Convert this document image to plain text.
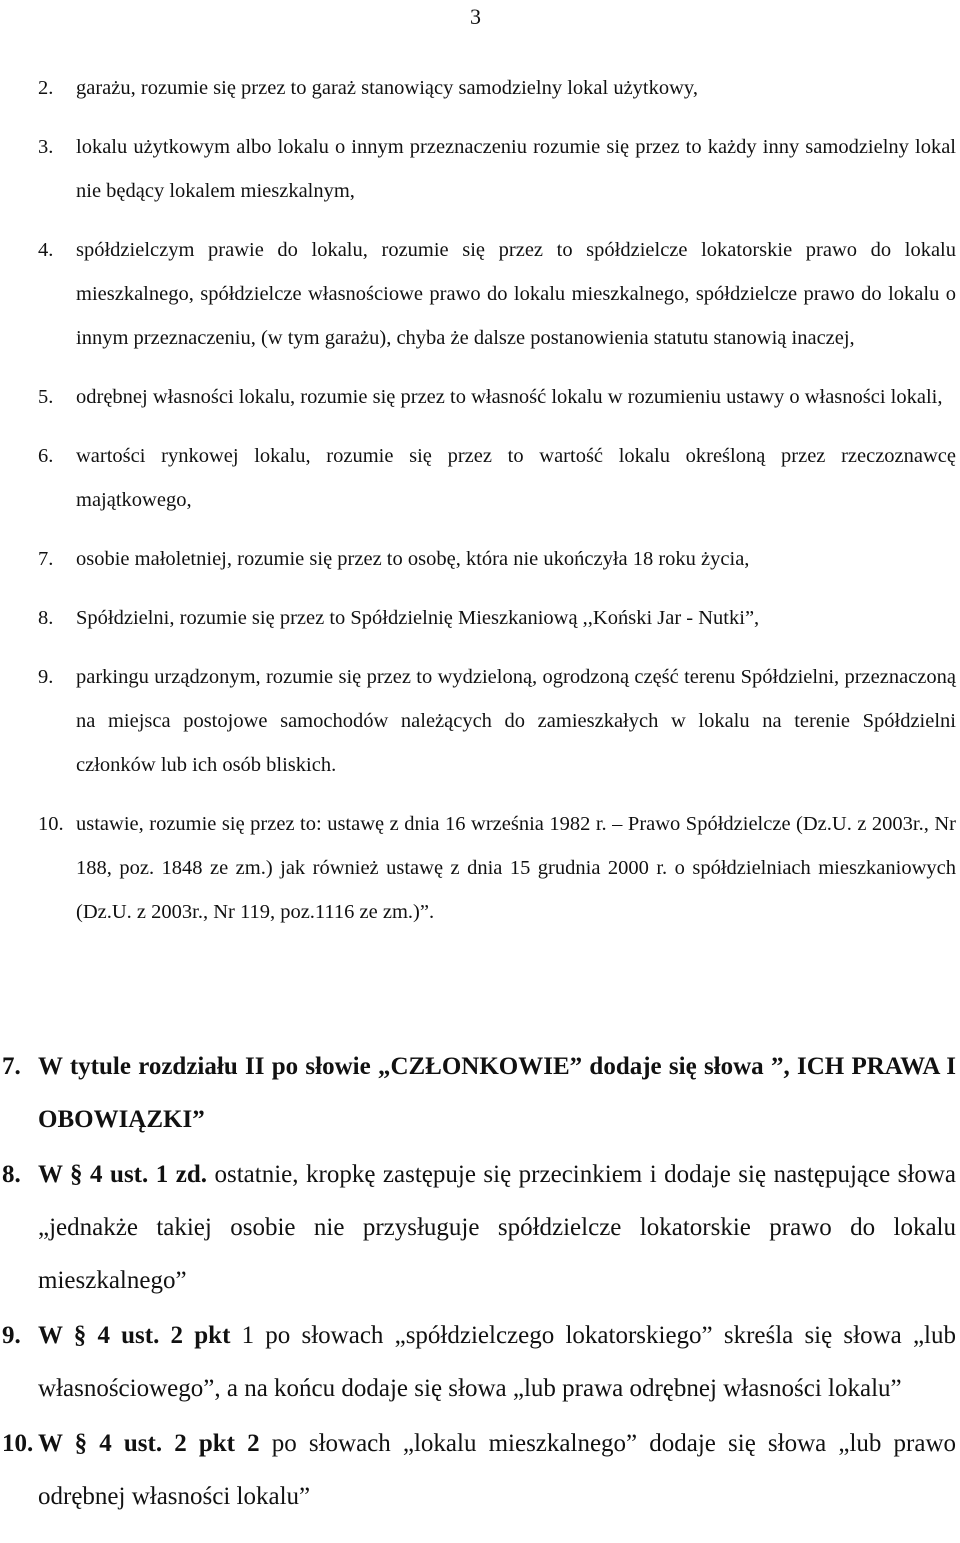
3
2.	garażu, rozumie się przez to garaż stanowiący samodzielny lokal użytkowy,
3.	lokalu użytkowym albo lokalu o innym przeznaczeniu rozumie się przez to każdy inny samodzielny lokal nie będący lokalem mieszkalnym,
4.	spółdzielczym prawie do lokalu, rozumie się przez to spółdzielcze lokatorskie prawo do lokalu mieszkalnego, spółdzielcze własnościowe prawo do lokalu mieszkalnego, spółdzielcze prawo do lokalu o innym przeznaczeniu, (w tym garażu), chyba że dalsze postanowienia statutu stanowią inaczej,
5.	odrębnej własności lokalu, rozumie się przez to własność lokalu w rozumieniu ustawy o własności lokali,
6.	wartości rynkowej lokalu, rozumie się przez to wartość lokalu określoną przez rzeczoznawcę majątkowego,
7.	osobie małoletniej, rozumie się przez to osobę, która nie ukończyła 18 roku życia,
8.	Spółdzielni, rozumie się przez to Spółdzielnię Mieszkaniową ,,Koński Jar - Nutki”,
9.	parkingu urządzonym, rozumie się przez to wydzieloną, ogrodzoną część terenu Spółdzielni, przeznaczoną na miejsca postojowe samochodów należących do zamieszkałych w lokalu na terenie Spółdzielni członków lub ich osób bliskich.
10. ustawie, rozumie się przez to: ustawę z dnia 16 września 1982 r. – Prawo Spółdzielcze (Dz.U. z 2003r., Nr 188, poz. 1848 ze zm.) jak również ustawę z dnia 15 grudnia 2000 r. o spółdzielniach mieszkaniowych (Dz.U. z 2003r., Nr 119, poz.1116 ze zm.)”.
7. W tytule rozdziału II po słowie „CZŁONKOWIE” dodaje się słowa ”, ICH PRAWA I OBOWIĄZKI”
8. W § 4 ust. 1 zd. ostatnie, kropkę zastępuje się przecinkiem i dodaje się następujące słowa „jednakże takiej osobie nie przysługuje spółdzielcze lokatorskie prawo do lokalu mieszkalnego”
9. W § 4 ust. 2 pkt 1 po słowach „spółdzielczego lokatorskiego” skreśla się słowa „lub własnościowego”, a na końcu dodaje się słowa „lub prawa odrębnej własności lokalu”
10. W § 4 ust. 2 pkt 2 po słowach „lokalu mieszkalnego” dodaje się słowa „lub prawo odrębnej własności lokalu”
